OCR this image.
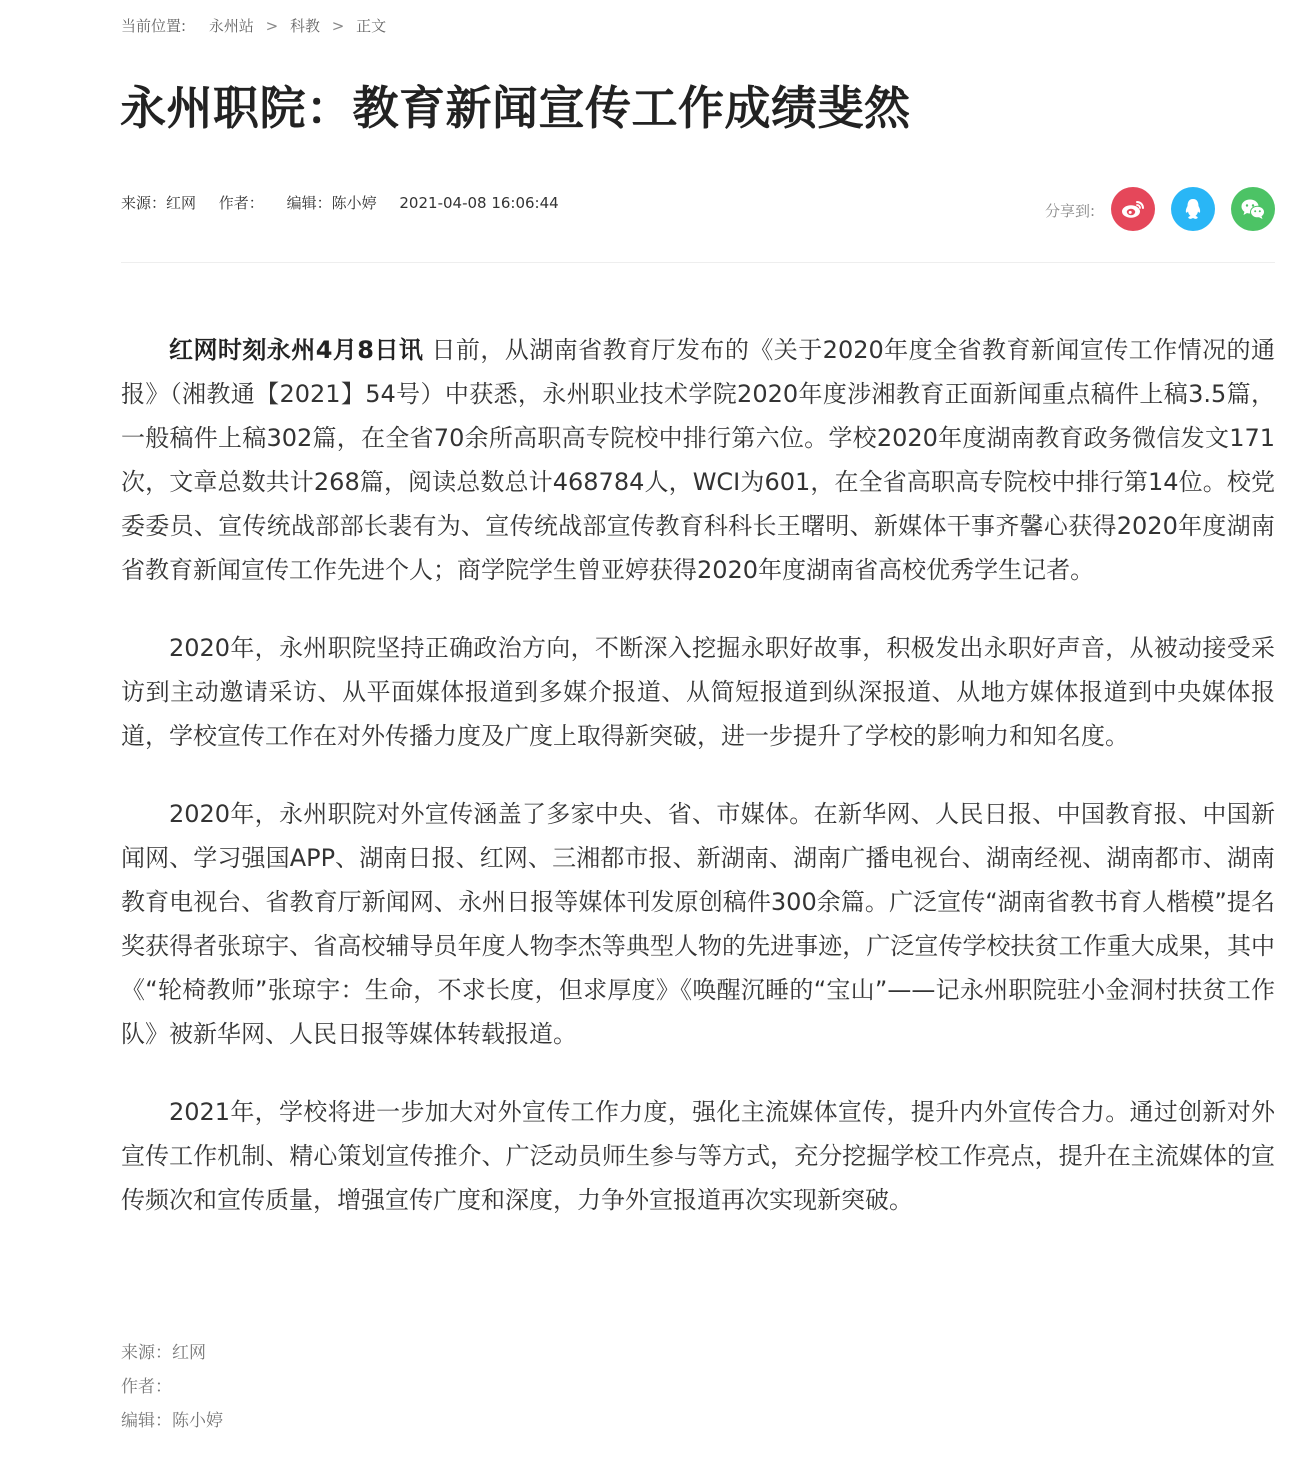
当前位置: 永州站 > 科教 > 正文
永州职院：教育新闻宣传工作成绩斐然
来源：红网 作者： 编辑：陈小婷 2021-04-08 16:06:44	分享到:

红网时刻永州4月8日讯 日前，从湖南省教育厅发布的《关于2020年度全省教育新闻宣传工作情况的通报》（湘教通【2021】54号）中获悉，永州职业技术学院2020年度涉湘教育正面新闻重点稿件上稿3.5篇，一般稿件上稿302篇，在全省70余所高职高专院校中排行第六位。学校2020年度湖南教育政务微信发文171次，文章总数共计268篇，阅读总数总计468784人，WCI为601，在全省高职高专院校中排行第14位。校党委委员、宣传统战部部长裴有为、宣传统战部宣传教育科科长王曙明、新媒体干事齐馨心获得2020年度湖南省教育新闻宣传工作先进个人；商学院学生曾亚婷获得2020年度湖南省高校优秀学生记者。

2020年，永州职院坚持正确政治方向，不断深入挖掘永职好故事，积极发出永职好声音，从被动接受采访到主动邀请采访、从平面媒体报道到多媒介报道、从简短报道到纵深报道、从地方媒体报道到中央媒体报道，学校宣传工作在对外传播力度及广度上取得新突破，进一步提升了学校的影响力和知名度。

2020年，永州职院对外宣传涵盖了多家中央、省、市媒体。在新华网、人民日报、中国教育报、中国新闻网、学习强国APP、湖南日报、红网、三湘都市报、新湖南、湖南广播电视台、湖南经视、湖南都市、湖南教育电视台、省教育厅新闻网、永州日报等媒体刊发原创稿件300余篇。广泛宣传“湖南省教书育人楷模”提名奖获得者张琼宇、省高校辅导员年度人物李杰等典型人物的先进事迹，广泛宣传学校扶贫工作重大成果，其中《“轮椅教师”张琼宇：生命，不求长度，但求厚度》《唤醒沉睡的“宝山”——记永州职院驻小金洞村扶贫工作队》被新华网、人民日报等媒体转载报道。

2021年，学校将进一步加大对外宣传工作力度，强化主流媒体宣传，提升内外宣传合力。通过创新对外宣传工作机制、精心策划宣传推介、广泛动员师生参与等方式，充分挖掘学校工作亮点，提升在主流媒体的宣传频次和宣传质量，增强宣传广度和深度，力争外宣报道再次实现新突破。

来源：红网
作者：
编辑：陈小婷
